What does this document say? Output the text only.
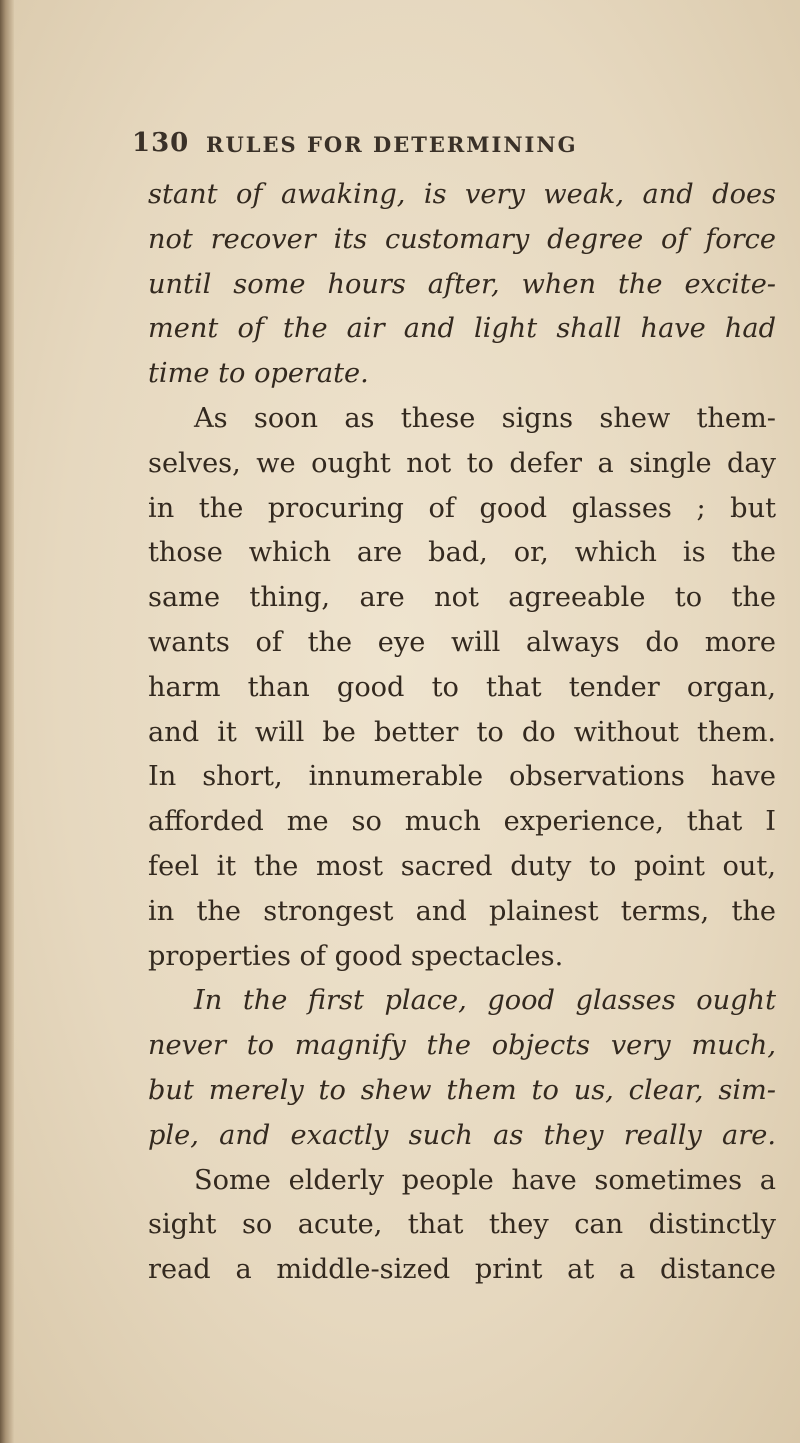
130 RULES FOR DETERMINING
stant of awaking, is very weak, and does
not recover its customary degree of force
until some hours after, when the excite-
ment of the air and light shall have had
time to operate.
As soon as these signs shew them-
selves, we ought not to defer a single day
in the procuring of good glasses ; but
those which are bad, or, which is the
same thing, are not agreeable to the
wants of the eye will always do more
harm than good to that tender organ,
and it will be better to do without them.
In short, innumerable observations have
afforded me so much experience, that I
feel it the most sacred duty to point out,
in the strongest and plainest terms, the
properties of good spectacles.
In the first place, good glasses ought
never to magnify the objects very much,
but merely to shew them to us, clear, sim-
ple, and exactly such as they really are.
Some elderly people have sometimes a
sight so acute, that they can distinctly
read a middle-sized print at a distance
